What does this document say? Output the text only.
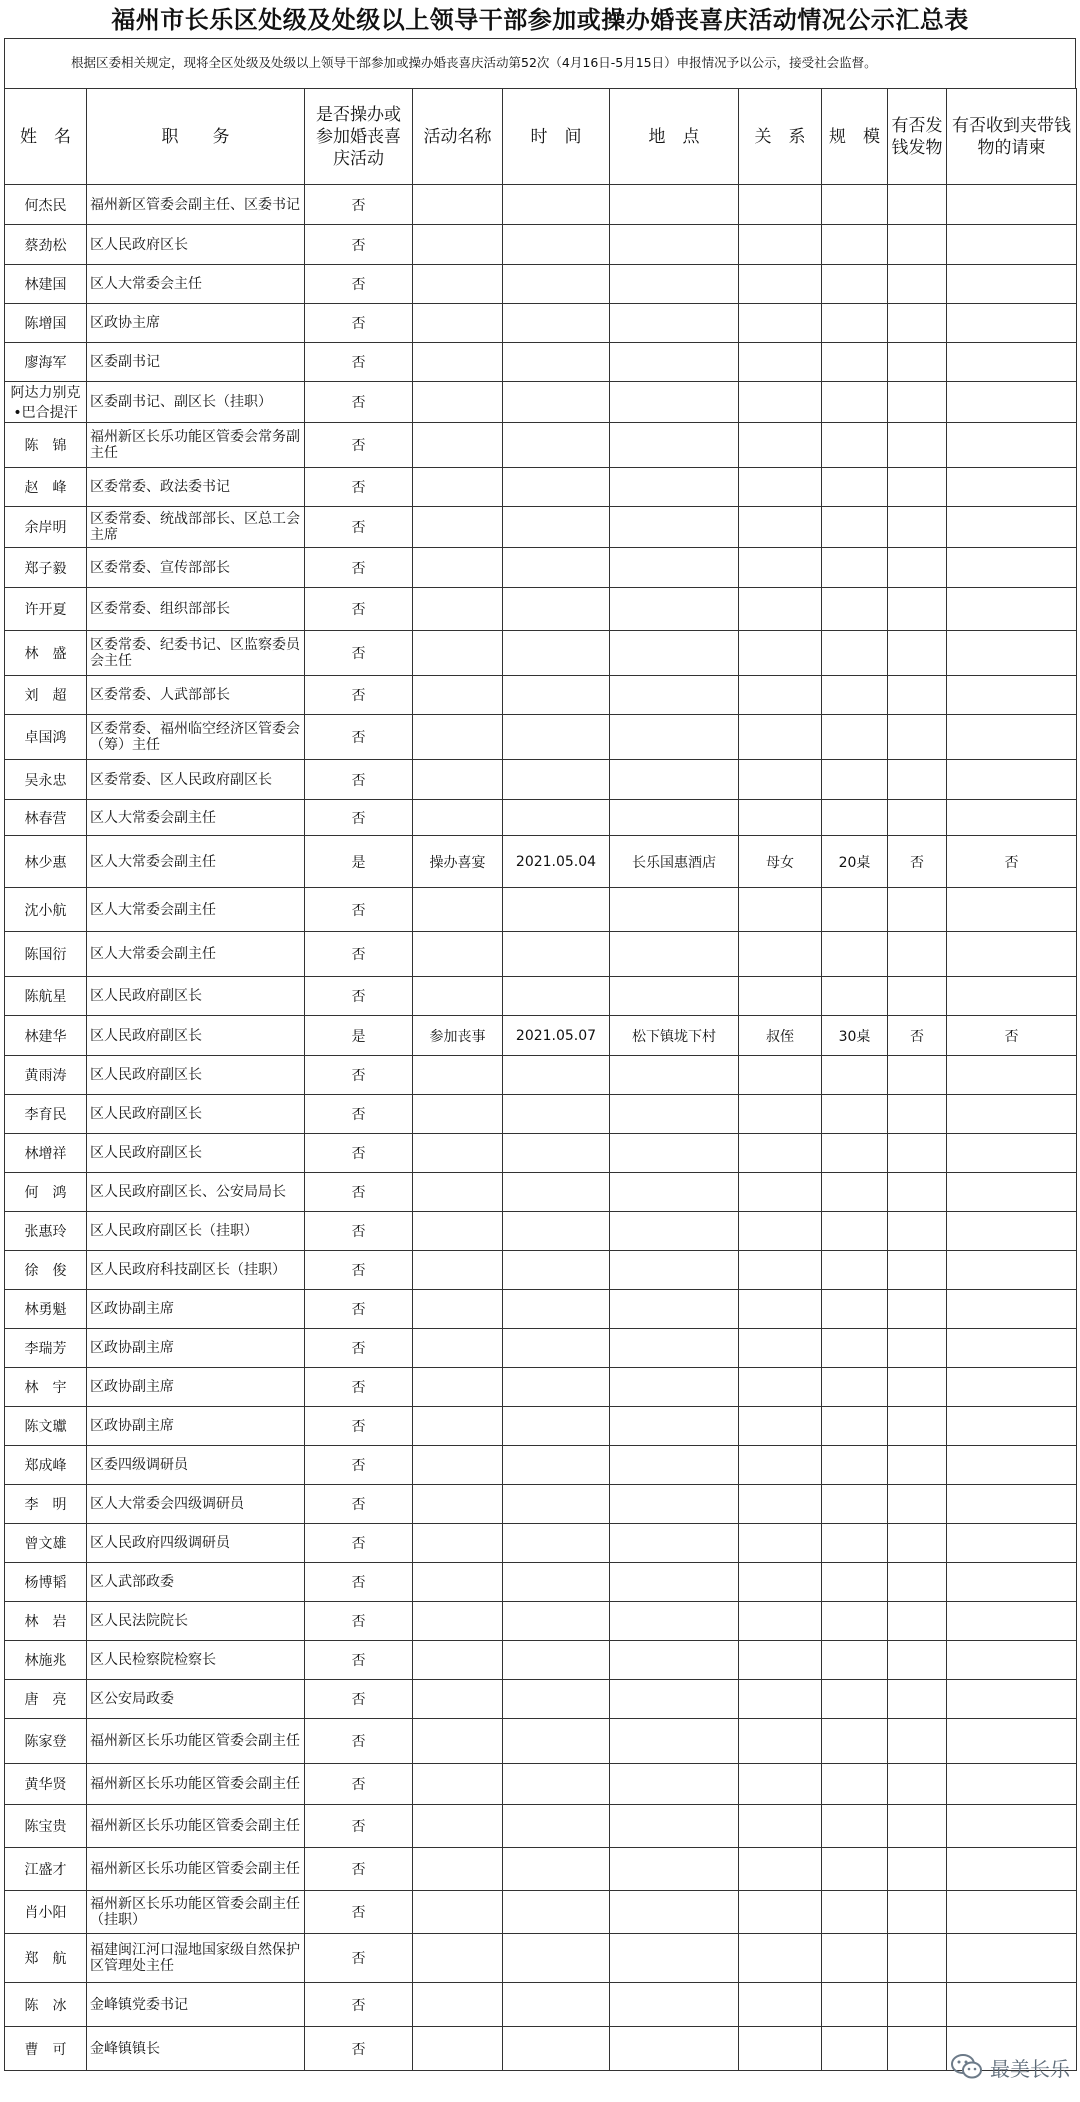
福州市长乐区处级及处级以上领导干部参加或操办婚丧喜庆活动情况公示汇总表
根据区委相关规定，现将全区处级及处级以上领导干部参加或操办婚丧喜庆活动第52次（4月16日-5月15日）申报情况予以公示，接受社会监督。
姓　名	职　　务	是否操办或参加婚丧喜庆活动	活动名称	时　间	地　点	关　系	规　模	有否发钱发物	有否收到夹带钱物的请柬
何杰民	福州新区管委会副主任、区委书记	否							
蔡劲松	区人民政府区长	否							
林建国	区人大常委会主任	否							
陈增国	区政协主席	否							
廖海军	区委副书记	否							
阿达力别克•巴合提汗	区委副书记、副区长（挂职）	否							
陈　锦	福州新区长乐功能区管委会常务副主任	否							
赵　峰	区委常委、政法委书记	否							
余岸明	区委常委、统战部部长、区总工会主席	否							
郑子毅	区委常委、宣传部部长	否							
许开夏	区委常委、组织部部长	否							
林　盛	区委常委、纪委书记、区监察委员会主任	否							
刘　超	区委常委、人武部部长	否							
卓国鸿	区委常委、福州临空经济区管委会（筹）主任	否							
吴永忠	区委常委、区人民政府副区长	否							
林春营	区人大常委会副主任	否							
林少惠	区人大常委会副主任	是	操办喜宴	2021.05.04	长乐国惠酒店	母女	20桌	否	否
沈小航	区人大常委会副主任	否							
陈国衍	区人大常委会副主任	否							
陈航星	区人民政府副区长	否							
林建华	区人民政府副区长	是	参加丧事	2021.05.07	松下镇垅下村	叔侄	30桌	否	否
黄雨涛	区人民政府副区长	否							
李育民	区人民政府副区长	否							
林增祥	区人民政府副区长	否							
何　鸿	区人民政府副区长、公安局局长	否							
张惠玲	区人民政府副区长（挂职）	否							
徐　俊	区人民政府科技副区长（挂职）	否							
林勇魁	区政协副主席	否							
李瑞芳	区政协副主席	否							
林　宇	区政协副主席	否							
陈文瓛	区政协副主席	否							
郑成峰	区委四级调研员	否							
李　明	区人大常委会四级调研员	否							
曾文雄	区人民政府四级调研员	否							
杨博韬	区人武部政委	否							
林　岩	区人民法院院长	否							
林施兆	区人民检察院检察长	否							
唐　亮	区公安局政委	否							
陈家登	福州新区长乐功能区管委会副主任	否							
黄华贤	福州新区长乐功能区管委会副主任	否							
陈宝贵	福州新区长乐功能区管委会副主任	否							
江盛才	福州新区长乐功能区管委会副主任	否							
肖小阳	福州新区长乐功能区管委会副主任（挂职）	否							
郑　航	福建闽江河口湿地国家级自然保护区管理处主任	否							
陈　冰	金峰镇党委书记	否							
曹　可	金峰镇镇长	否							
最美长乐
